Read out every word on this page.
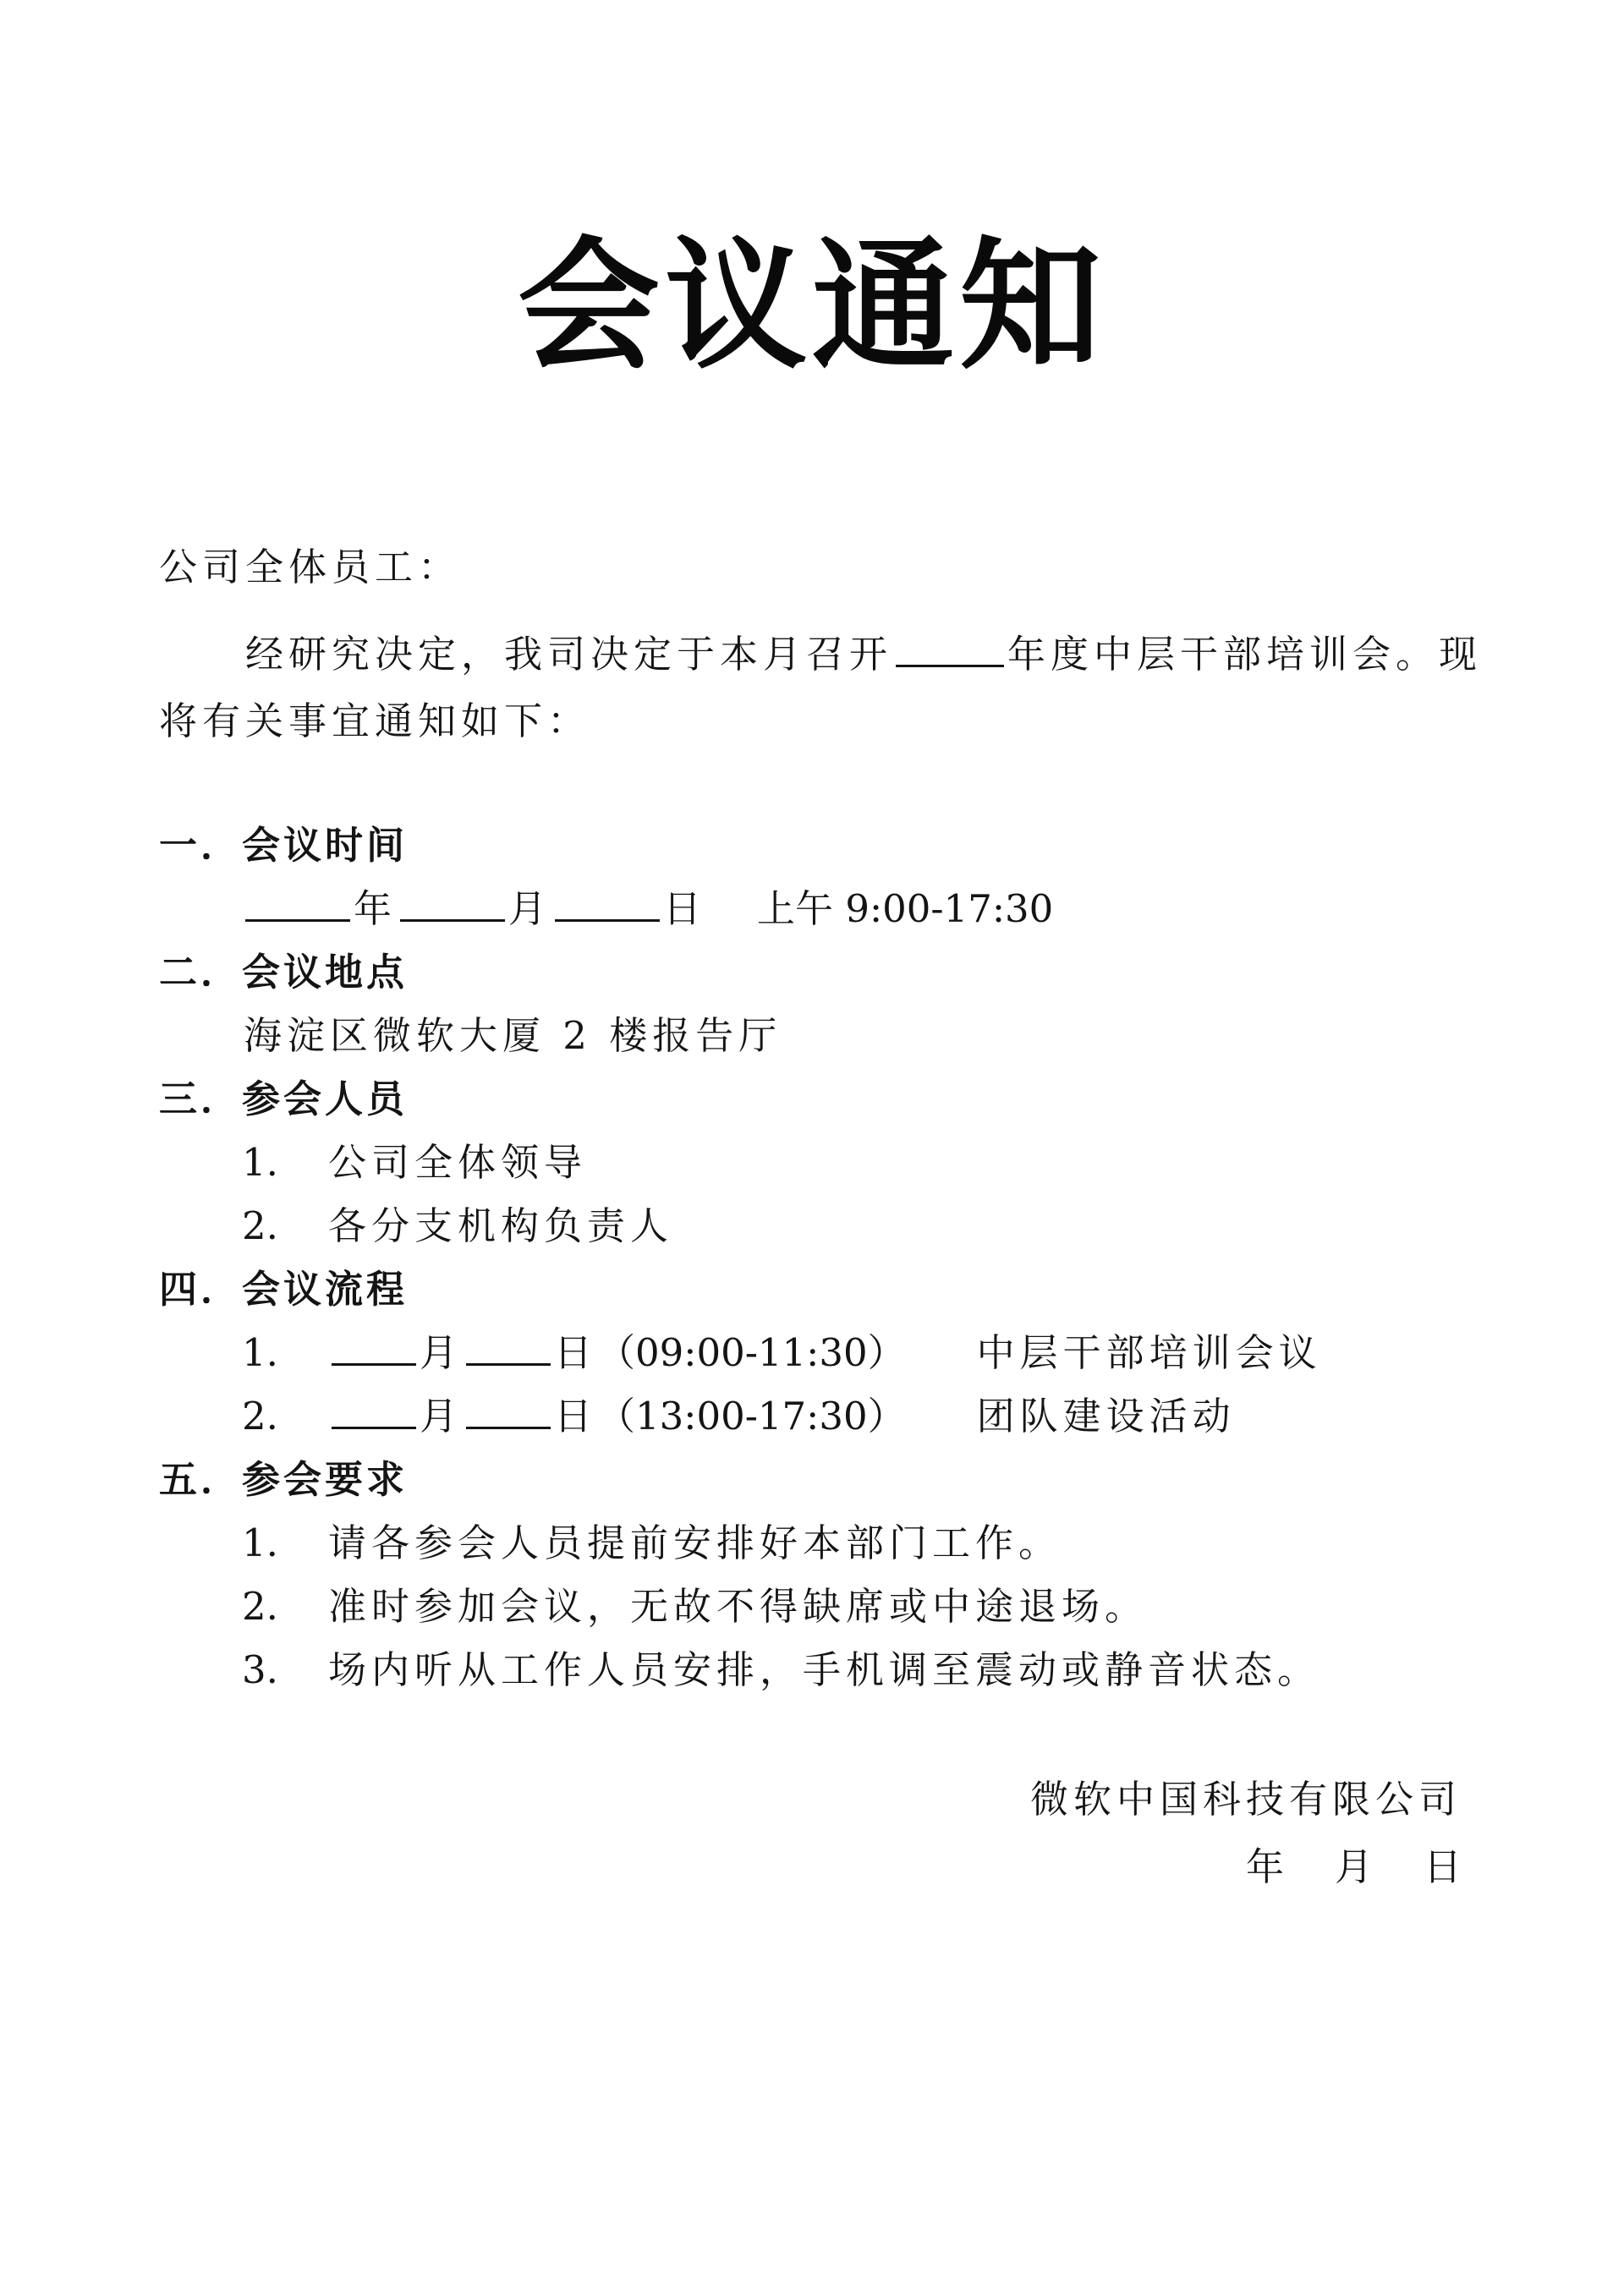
会议通知
公司全体员工：
经研究决定，我司决定于本月召开	年度中层干部培训会。现
将有关事宜通知如下：
一．会议时间
年	月	日 上午 9:00-17:30
二．会议地点
海淀区微软大厦 2 楼报告厅
三．参会人员
1. 公司全体领导
2. 各分支机构负责人
四．会议流程
1.	月 日（09:00-11:30） 中层干部培训会议
2.	月 日（13:00-17:30） 团队建设活动
五．参会要求
1. 请各参会人员提前安排好本部门工作。
2. 准时参加会议，无故不得缺席或中途退场。
3. 场内听从工作人员安排，手机调至震动或静音状态。
微软中国科技有限公司
年 月 日
